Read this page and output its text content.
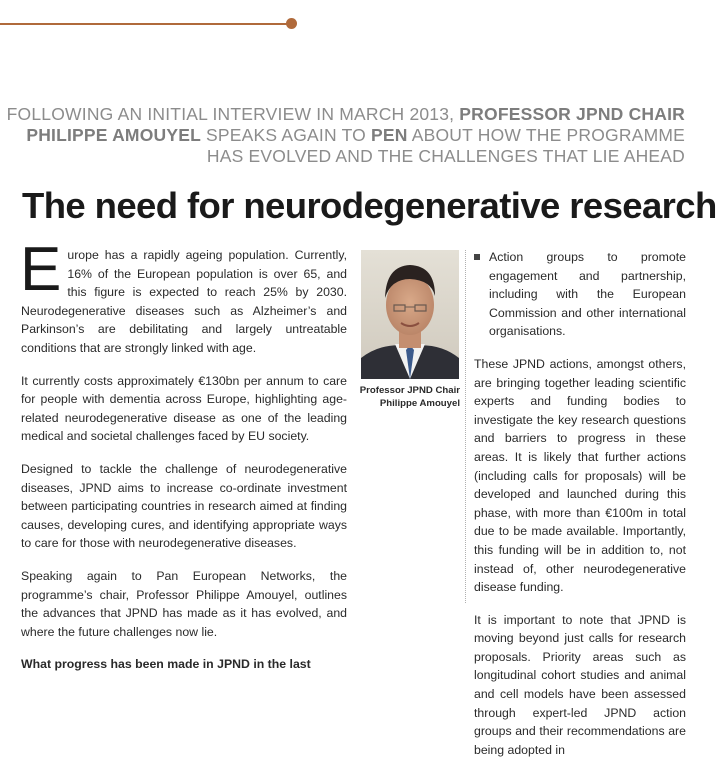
FOLLOWING AN INITIAL INTERVIEW IN MARCH 2013, PROFESSOR JPND CHAIR PHILIPPE AMOUYEL SPEAKS AGAIN TO PEN ABOUT HOW THE PROGRAMME HAS EVOLVED AND THE CHALLENGES THAT LIE AHEAD
The need for neurodegenerative research

Europe has a rapidly ageing population. Currently, 16% of the European population is over 65, and this figure is expected to reach 25% by 2030. Neurodegenerative diseases such as Alzheimer’s and Parkinson’s are debilitating and largely untreatable conditions that are strongly linked with age.

It currently costs approximately €130bn per annum to care for people with dementia across Europe, highlighting age-related neurodegenerative disease as one of the leading medical and societal challenges faced by EU society.

Designed to tackle the challenge of neurodegenerative diseases, JPND aims to increase co-ordinate investment between participating countries in research aimed at finding causes, developing cures, and identifying appropriate ways to care for those with neurodegenerative diseases.

Speaking again to Pan European Networks, the programme’s chair, Professor Philippe Amouyel, outlines the advances that JPND has made as it has evolved, and where the future challenges now lie.

What progress has been made in JPND in the last

Professor JPND Chair
Philippe Amouyel
Action groups to promote engagement and partnership, including with the European Commission and other international organisations.

These JPND actions, amongst others, are bringing together leading scientific experts and funding bodies to investigate the key research questions and barriers to progress in these areas. It is likely that further actions (including calls for proposals) will be developed and launched during this phase, with more than €100m in total due to be made available. Importantly, this funding will be in addition to, not instead of, other neurodegenerative disease funding.

It is important to note that JPND is moving beyond just calls for research proposals. Priority areas such as longitudinal cohort studies and animal and cell models have been assessed through expert-led JPND action groups and their recommendations are being adopted in
